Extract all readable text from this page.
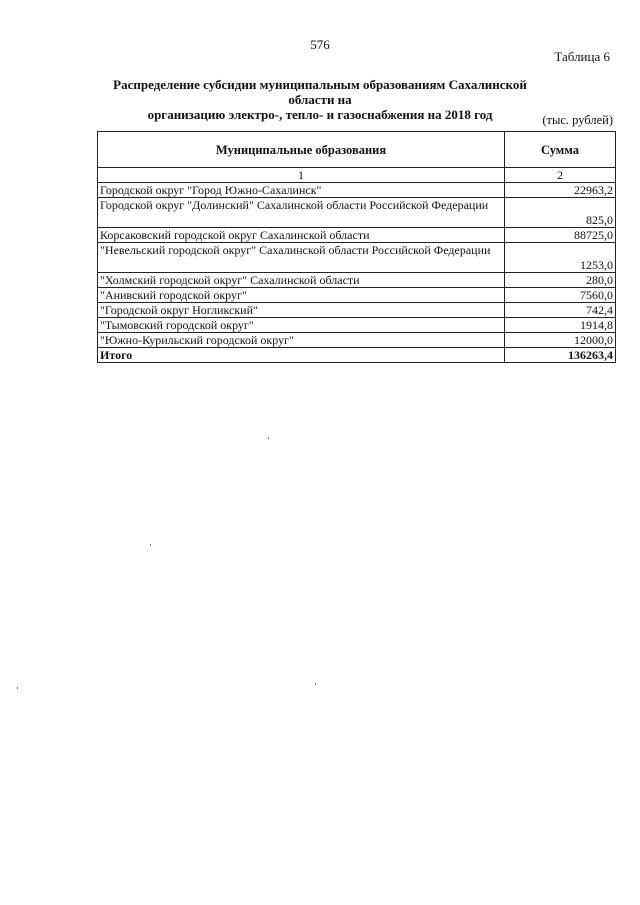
576
Таблица 6
Распределение субсидии муниципальным образованиям Сахалинской области на
организацию электро-, тепло- и газоснабжения на 2018 год	(тыс. рублей)
Муниципальные образования	Сумма
1	2
Городской округ "Город Южно-Сахалинск"	22963,2
Городской округ "Долинский" Сахалинской области Российской Федерации	825,0
Корсаковский городской округ Сахалинской области	88725,0
"Невельский городской округ" Сахалинской области Российской Федерации	1253,0
"Холмский городской округ" Сахалинской области	280,0
"Анивский городской округ"	7560,0
"Городской округ Ногликский"	742,4
"Тымовский городской округ"	1914,8
"Южно-Курильский городской округ"	12000,0
Итого	136263,4
